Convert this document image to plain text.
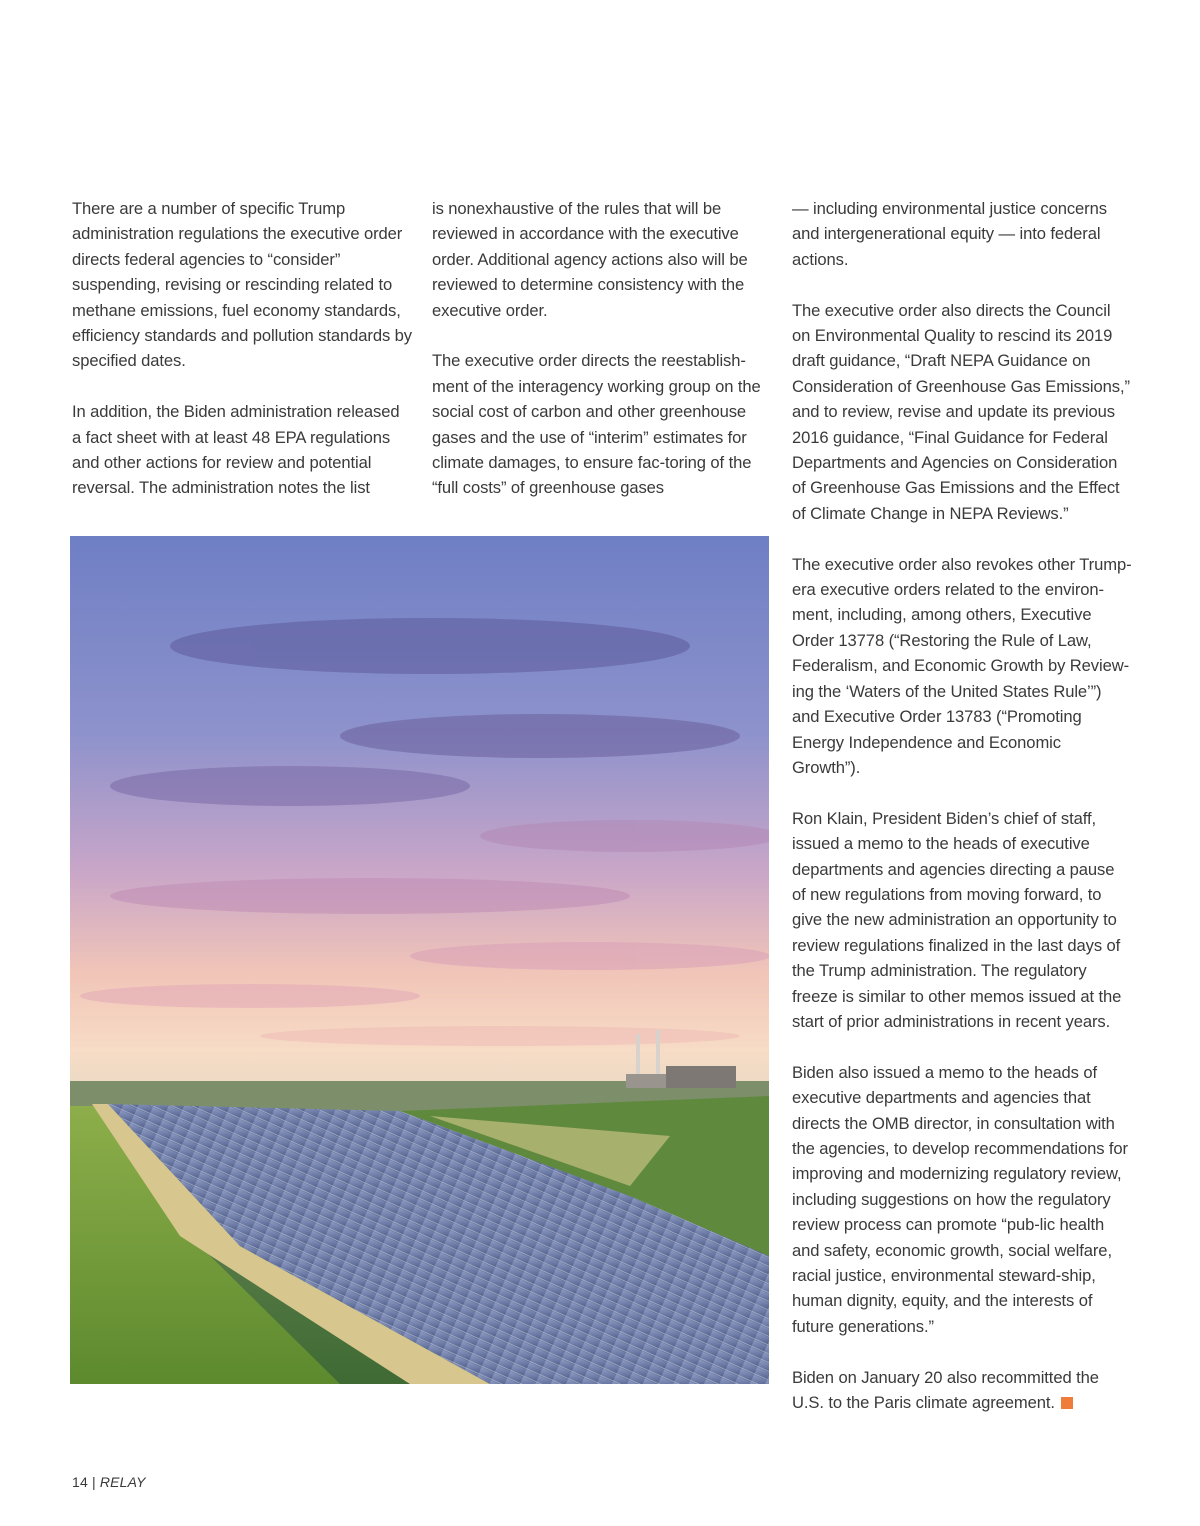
There are a number of specific Trump administration regulations the executive order directs federal agencies to “consider” suspending, revising or rescinding related to methane emissions, fuel economy standards, efficiency standards and pollution standards by specified dates.

In addition, the Biden administration released a fact sheet with at least 48 EPA regulations and other actions for review and potential reversal. The administration notes the list

is nonexhaustive of the rules that will be reviewed in accordance with the executive order. Additional agency actions also will be reviewed to determine consistency with the executive order.

The executive order directs the reestablish-ment of the interagency working group on the social cost of carbon and other greenhouse gases and the use of “interim” estimates for climate damages, to ensure fac-toring of the “full costs” of greenhouse gases

— including environmental justice concerns and intergenerational equity — into federal actions.

The executive order also directs the Council on Environmental Quality to rescind its 2019 draft guidance, “Draft NEPA Guidance on Consideration of Greenhouse Gas Emissions,” and to review, revise and update its previous 2016 guidance, “Final Guidance for Federal Departments and Agencies on Consideration of Greenhouse Gas Emissions and the Effect of Climate Change in NEPA Reviews.”

The executive order also revokes other Trump-era executive orders related to the environ-ment, including, among others, Executive Order 13778 (“Restoring the Rule of Law, Federalism, and Economic Growth by Review-ing the ‘Waters of the United States Rule’”) and Executive Order 13783 (“Promoting Energy Independence and Economic Growth”).

Ron Klain, President Biden’s chief of staff, issued a memo to the heads of executive departments and agencies directing a pause of new regulations from moving forward, to give the new administration an opportunity to review regulations finalized in the last days of the Trump administration. The regulatory freeze is similar to other memos issued at the start of prior administrations in recent years.

Biden also issued a memo to the heads of executive departments and agencies that directs the OMB director, in consultation with the agencies, to develop recommendations for improving and modernizing regulatory review, including suggestions on how the regulatory review process can promote “pub-lic health and safety, economic growth, social welfare, racial justice, environmental steward-ship, human dignity, equity, and the interests of future generations.”

Biden on January 20 also recommitted the U.S. to the Paris climate agreement.

14 | RELAY
